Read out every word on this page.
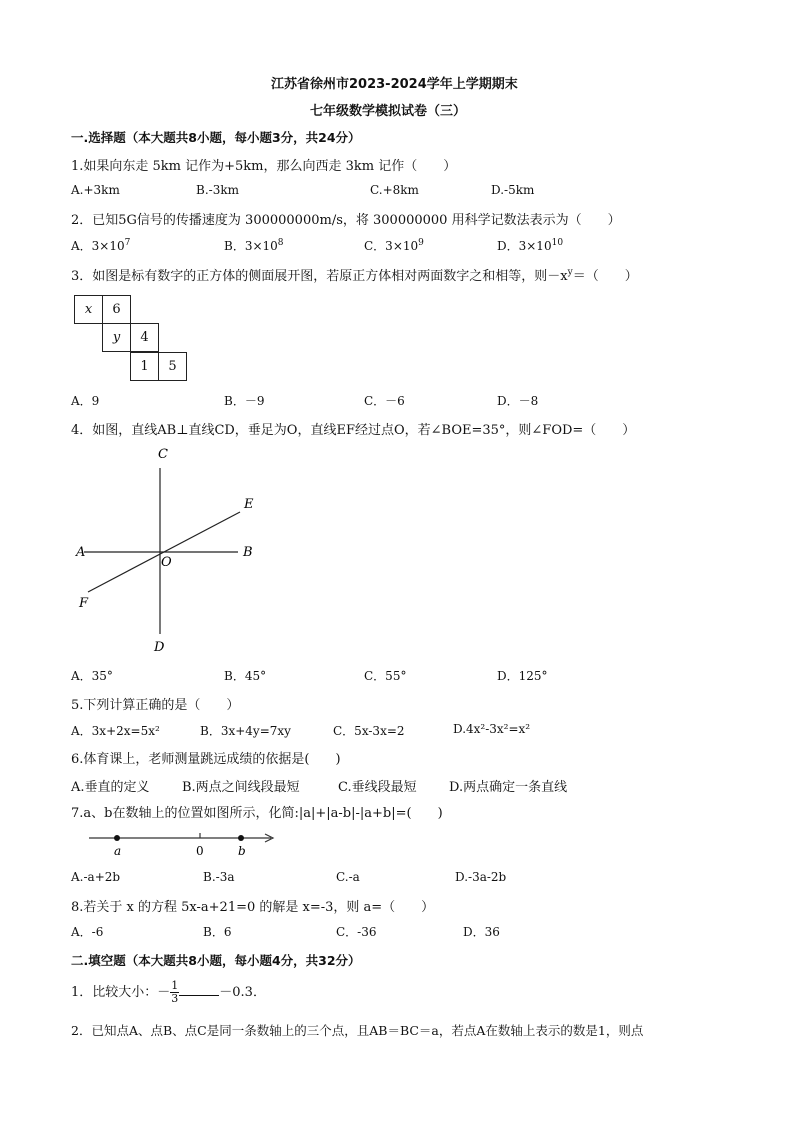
江苏省徐州市2023-2024学年上学期期末
七年级数学模拟试卷（三）
一.选择题（本大题共8小题，每小题3分，共24分）
1.如果向东走 5km 记作为+5km，那么向西走 3km 记作（　　）
A.+3km	B.-3km	C.+8km	D.-5km
2．已知5G信号的传播速度为 300000000m/s，将 300000000 用科学记数法表示为（　　）
A．$3\times 10^7$	B．$3\times 10^8$	C．$3\times 10^9$	D．$3\times 10^{10}$
3．如图是标有数字的正方体的侧面展开图，若原正方体相对两面数字之和相等，则$-x^y=$（　　）
x	6
y	4
1	5
A．9	B．－9	C．－6	D．－8
4．如图，直线AB⊥直线CD，垂足为O，直线EF经过点O，若∠BOE=35°，则∠FOD=（　　）
C
E
A
O
B
F
D
A．35°	B．45°	C．55°	D．125°
5.下列计算正确的是（　　）
A．3x+2x=5x²	B．3x+4y=7xy	C．5x-3x=2	D.4x²-3x²=x²
6.体育课上，老师测量跳远成绩的依据是(　　)
A.垂直的定义 B.两点之间线段最短	C.垂线段最短 D.两点确定一条直线
7.a、b在数轴上的位置如图所示，化简:|a|+|a-b|-|a+b|=(　　)
a	0	b
A.-a+2b	B.-3a	C.-a	D.-3a-2b
8.若关于 x 的方程 5x-a+21=0 的解是 x=-3，则 a=（　　）
A．-6	B．6	C．-36	D．36
二.填空题（本大题共8小题，每小题4分，共32分）
1．比较大小：－ $\frac{1}{3}$	－0.3．
2．已知点A、点B、点C是同一条数轴上的三个点，且AB＝BC＝a，若点A在数轴上表示的数是1，则点
